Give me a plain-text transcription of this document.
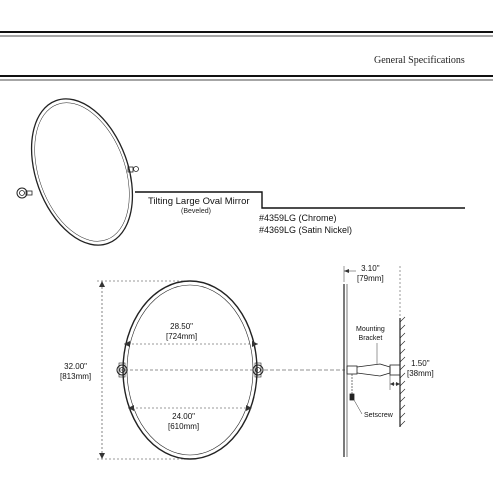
General Specifications
Tilting Large Oval Mirror
(Beveled)
#4359LG (Chrome)
#4369LG (Satin Nickel)
28.50"
[724mm]
24.00"
[610mm]
32.00"
[813mm]
3.10"
[79mm]
1.50"
[38mm]
Mounting
Bracket
Setscrew
